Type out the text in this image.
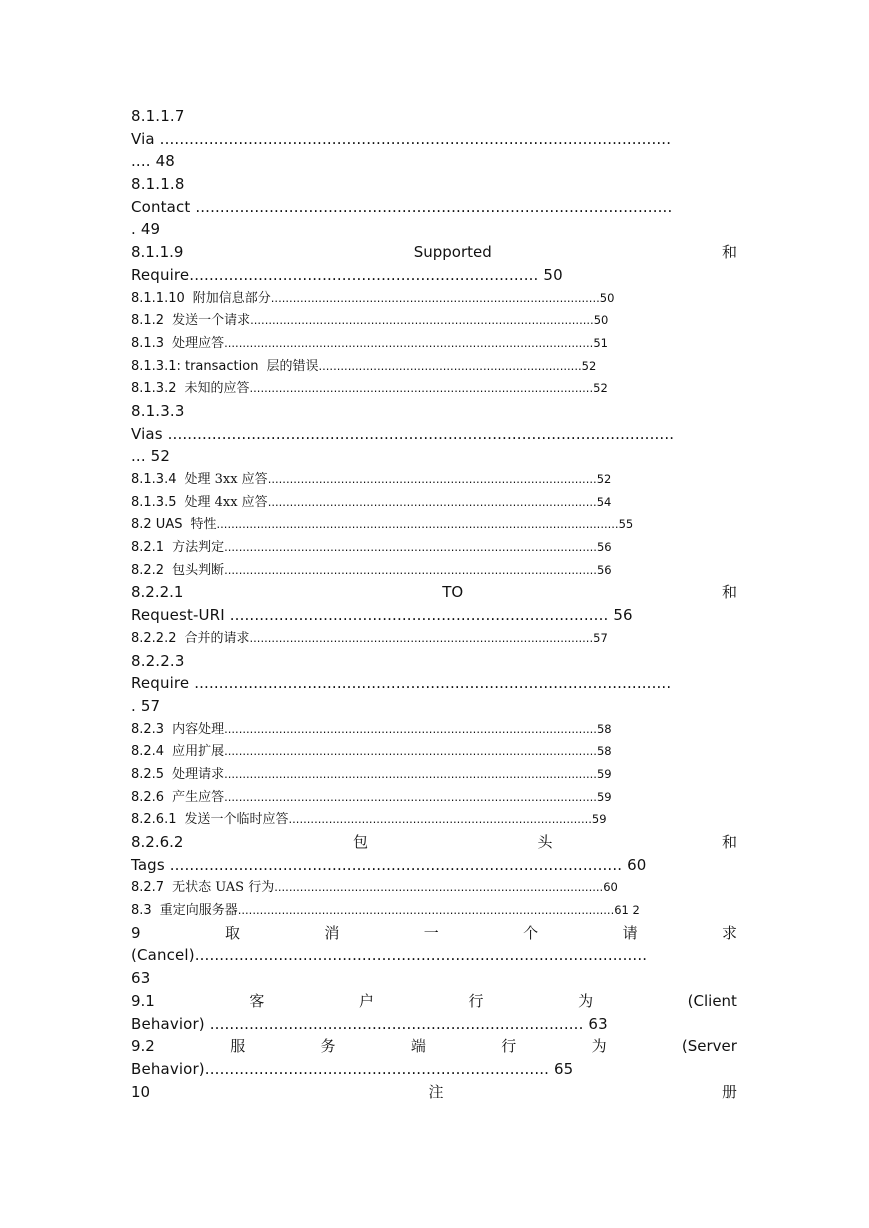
8.1.1.7
Via ........................................................................................................
.... 48
8.1.1.8
Contact .................................................................................................
. 49
8.1.1.9	Supported	和
Require....................................................................... 50
8.1.1.10 附加信息部分 .......................................................................................... 50
8.1.2 发送一个请求 .............................................................................................. 50
8.1.3 处理应答 ..................................................................................................... 51
8.1.3.1: transaction 层的错误 ........................................................................ 52
8.1.3.2 未知的应答 .............................................................................................. 52
8.1.3.3
Vias .......................................................................................................
... 52
8.1.3.4 处理 3xx 应答 .......................................................................................... 52
8.1.3.5 处理 4xx 应答 .......................................................................................... 54
8.2 UAS 特性 .............................................................................................................. 55
8.2.1 方法判定 ...................................................................................................... 56
8.2.2 包头判断 ...................................................................................................... 56
8.2.2.1	TO	和
Request-URI ............................................................................. 56
8.2.2.2 合并的请求 .............................................................................................. 57
8.2.2.3
Require .................................................................................................
. 57
8.2.3 内容处理 ...................................................................................................... 58
8.2.4 应用扩展 ...................................................................................................... 58
8.2.5 处理请求 ...................................................................................................... 59
8.2.6 产生应答 ...................................................................................................... 59
8.2.6.1 发送一个临时应答 ................................................................................... 59
8.2.6.2	包	头	和
Tags ............................................................................................ 60
8.2.7 无状态 UAS 行为 .......................................................................................... 60
8.3 重定向服务器 ....................................................................................................... 61 2
9	取	消	一	个	请	求
(Cancel)............................................................................................
63
9.1	客	户	行	为	(Client
Behavior) ............................................................................ 63
9.2	服	务	端	行	为	(Server
Behavior)...................................................................... 65
10	注	册
